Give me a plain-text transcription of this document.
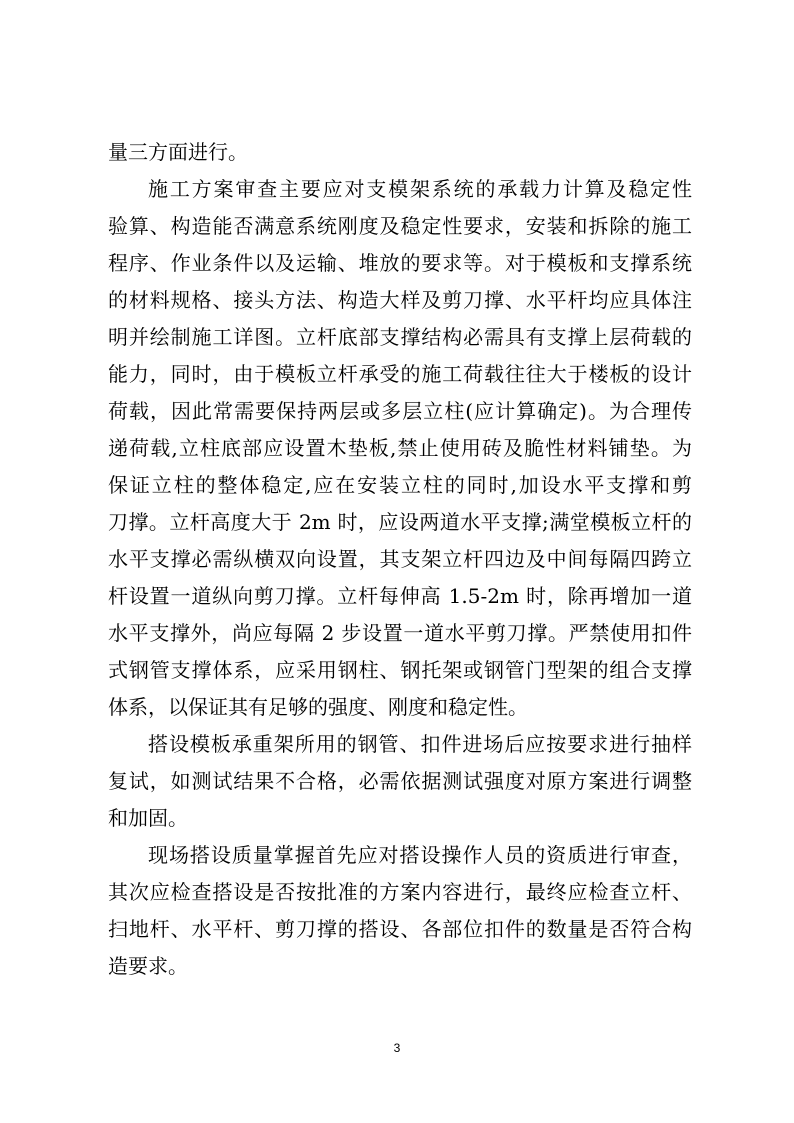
量三方面进行。
施工方案审查主要应对支模架系统的承载力计算及稳定性
验算、构造能否满意系统刚度及稳定性要求，安装和拆除的施工
程序、作业条件以及运输、堆放的要求等。对于模板和支撑系统
的材料规格、接头方法、构造大样及剪刀撑、水平杆均应具体注
明并绘制施工详图。立杆底部支撑结构必需具有支撑上层荷载的
能力，同时，由于模板立杆承受的施工荷载往往大于楼板的设计
荷载，因此常需要保持两层或多层立柱(应计算确定)。为合理传
递荷载,立柱底部应设置木垫板,禁止使用砖及脆性材料铺垫。为
保证立柱的整体稳定,应在安装立柱的同时,加设水平支撑和剪
刀撑。立杆高度大于 2m 时，应设两道水平支撑;满堂模板立杆的
水平支撑必需纵横双向设置，其支架立杆四边及中间每隔四跨立
杆设置一道纵向剪刀撑。立杆每伸高 1.5-2m 时，除再增加一道
水平支撑外，尚应每隔 2 步设置一道水平剪刀撑。严禁使用扣件
式钢管支撑体系，应采用钢柱、钢托架或钢管门型架的组合支撑
体系，以保证其有足够的强度、刚度和稳定性。
搭设模板承重架所用的钢管、扣件进场后应按要求进行抽样
复试，如测试结果不合格，必需依据测试强度对原方案进行调整
和加固。
现场搭设质量掌握首先应对搭设操作人员的资质进行审查，
其次应检查搭设是否按批准的方案内容进行，最终应检查立杆、
扫地杆、水平杆、剪刀撑的搭设、各部位扣件的数量是否符合构
造要求。
3
